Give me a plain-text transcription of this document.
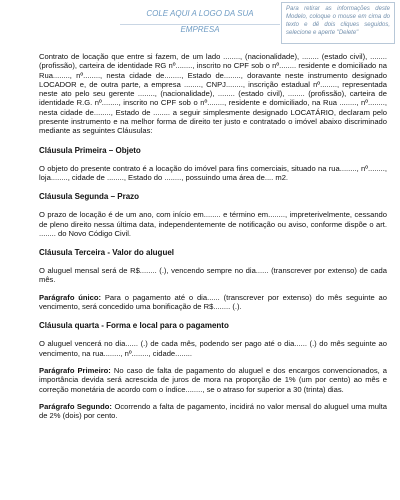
COLE AQUI A LOGO DA SUA EMPRESA
Para retirar as informações deste Modelo, coloque o mouse em cima do texto e dê dois cliques seguidos, selecione e aperte "Delete"

Contrato de locação que entre si fazem, de um lado ........, (nacionalidade), ........ (estado civil), ........ (profissão), carteira de identidade RG nº........, inscrito no CPF sob o nº........ residente e domiciliado na Rua........, nº........, nesta cidade de........, Estado de........, doravante neste instrumento designado LOCADOR e, de outra parte, a empresa ........, CNPJ........, inscrição estadual nº........, representada neste ato pelo seu gerente ........, (nacionalidade), ........ (estado civil), ........ (profissão), carteira de identidade R.G. nº........, inscrito no CPF sob o nº........, residente e domiciliado, na Rua ........, nº........, nesta cidade de........, Estado de ........ a seguir simplesmente designado LOCATÁRIO, declaram pelo presente instrumento e na melhor forma de direito ter justo e contratado o imóvel abaixo discriminado mediante as seguintes Cláusulas:

Cláusula Primeira – Objeto

O objeto do presente contrato é a locação do imóvel para fins comerciais, situado na rua........, nº........, loja........, cidade de ........, Estado do ........, possuindo uma área de.... m2.

Cláusula Segunda – Prazo

O prazo de locação é de um ano, com início em........ e término em........, impreterivelmente, cessando de pleno direito nessa última data, independentemente de notificação ou aviso, conforme dispõe o art. ........ do Novo Código Civil.

Cláusula Terceira - Valor do aluguel

O aluguel mensal será de R$........ (.), vencendo sempre no dia...... (transcrever por extenso) de cada mês.

Parágrafo único: Para o pagamento até o dia...... (transcrever por extenso) do mês seguinte ao vencimento, será concedido uma bonificação de R$........ (.).

Cláusula quarta - Forma e local para o pagamento

O aluguel vencerá no dia...... (.) de cada mês, podendo ser pago até o dia...... (.) do mês seguinte ao vencimento, na rua........, nº........, cidade........

Parágrafo Primeiro: No caso de falta de pagamento do aluguel e dos encargos convencionados, a importância devida será acrescida de juros de mora na proporção de 1% (um por cento) ao mês e correção monetária de acordo com o índice........, se o atraso for superior a 30 (trinta) dias.

Parágrafo Segundo: Ocorrendo a falta de pagamento, incidirá no valor mensal do aluguel uma multa de 2% (dois) por cento.
